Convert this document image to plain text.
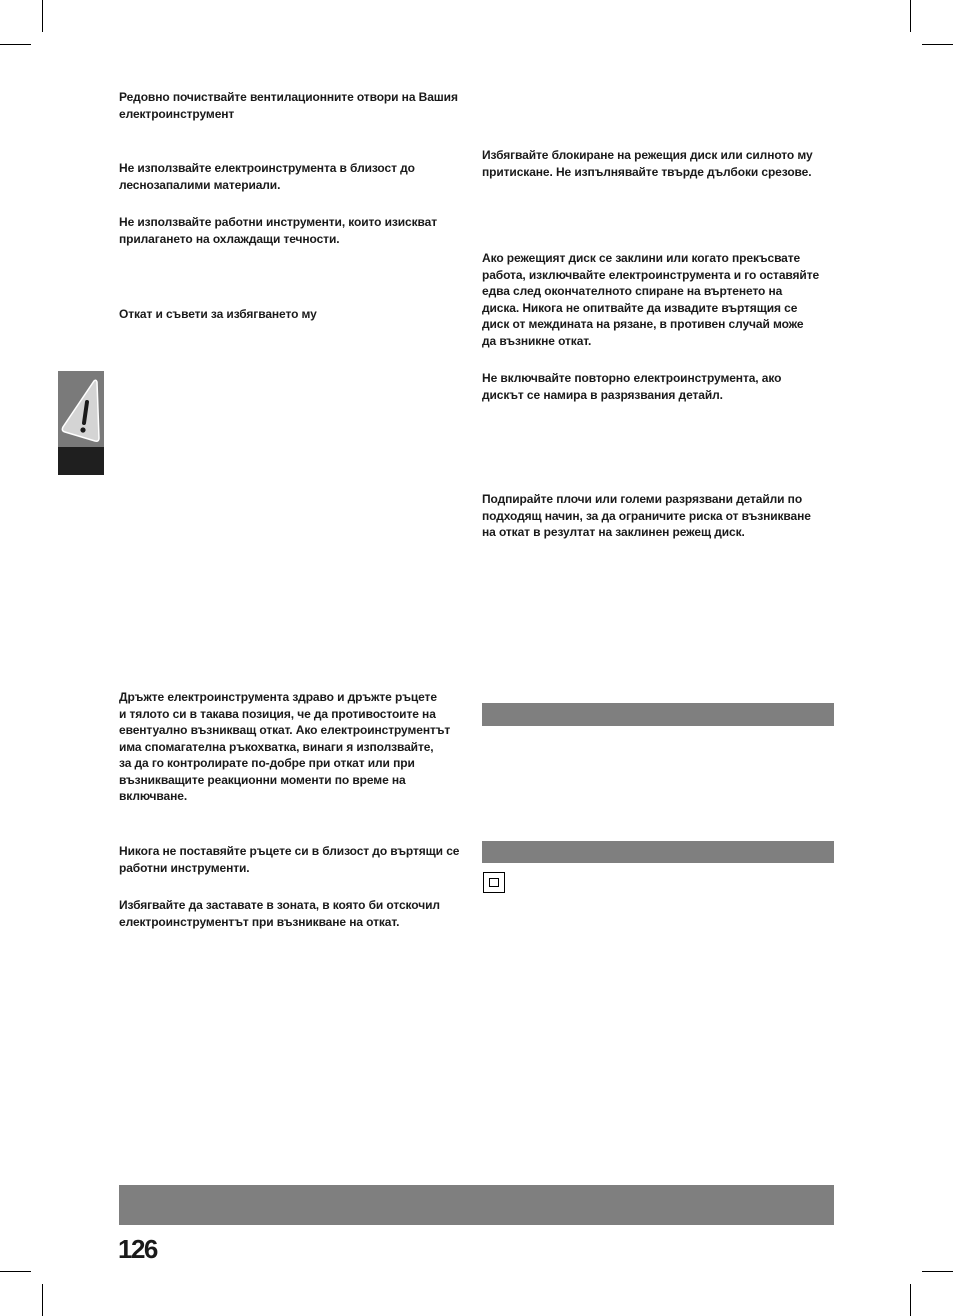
Редовно почиствайте вентилационните отвори на Вашия
електроинструмент

Не използвайте електроинструмента в близост до
леснозапалими материали.

Не използвайте работни инструменти, които изискват
прилагането на охлаждащи течности.

Откат и съвети за избягването му

Дръжте електроинструмента здраво и дръжте ръцете
и тялото си в такава позиция, че да противостоите на
евентуално възникващ откат. Ако електроинструментът
има спомагателна ръкохватка, винаги я използвайте,
за да го контролирате по-добре при откат или при
възникващите реакционни моменти по време на
включване.

Никога не поставяйте ръцете си в близост до въртящи се
работни инструменти.

Избягвайте да заставате в зоната, в която би отскочил
електроинструментът при възникване на откат.

Избягвайте блокиране на режещия диск или силното му
притискане. Не изпълнявайте твърде дълбоки срезове.

Ако режещият диск се заклини или когато прекъсвате
работа, изключвайте електроинструмента и го оставяйте
едва след окончателното спиране на въртенето на
диска. Никога не опитвайте да извадите въртящия се
диск от междината на рязане, в противен случай може
да възникне откат.

Не включвайте повторно електроинструмента, ако
дискът се намира в разрязвания детайл.

Подпирайте плочи или големи разрязвани детайли по
подходящ начин, за да ограничите риска от възникване
на откат в резултат на заклинен режещ диск.

126
